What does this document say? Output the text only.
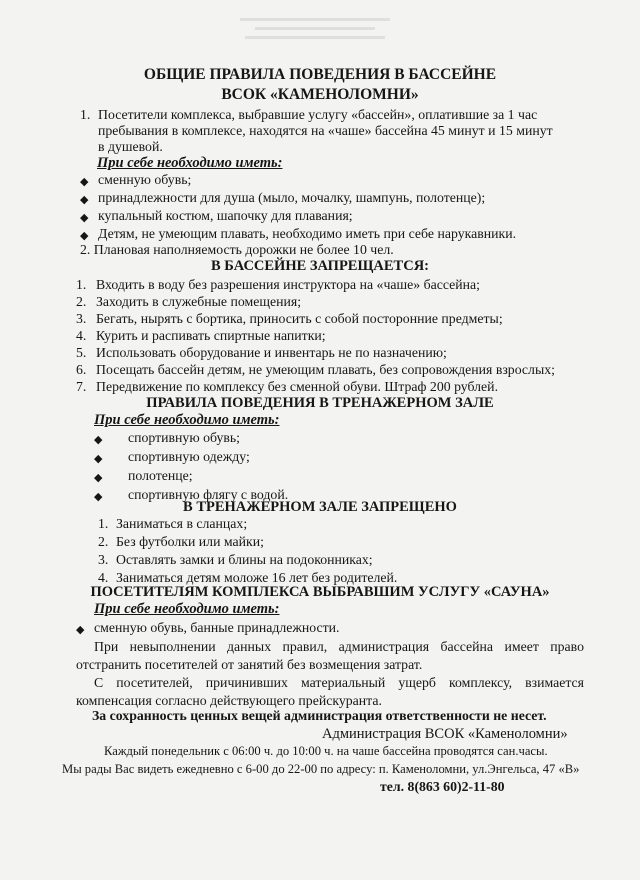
ОБЩИЕ ПРАВИЛА ПОВЕДЕНИЯ В БАССЕЙНЕ
ВСОК «КАМЕНОЛОМНИ»
1. Посетители комплекса, выбравшие услугу «бассейн», оплатившие за 1 час
пребывания в комплексе, находятся на «чаше» бассейна 45 минут и 15 минут
в душевой.
При себе необходимо иметь:
◆ сменную обувь;
◆ принадлежности для душа (мыло, мочалку, шампунь, полотенце);
◆ купальный костюм, шапочку для плавания;
◆ Детям, не умеющим плавать, необходимо иметь при себе нарукавники.
2. Плановая наполняемость дорожки не более 10 чел.
В БАССЕЙНЕ ЗАПРЕЩАЕТСЯ:
1. Входить в воду без разрешения инструктора на «чаше» бассейна;
2. Заходить в служебные помещения;
3. Бегать, нырять с бортика, приносить с собой посторонние предметы;
4. Курить и распивать спиртные напитки;
5. Использовать оборудование и инвентарь не по назначению;
6. Посещать бассейн детям, не умеющим плавать, без сопровождения взрослых;
7. Передвижение по комплексу без сменной обуви. Штраф 200 рублей.
ПРАВИЛА ПОВЕДЕНИЯ В ТРЕНАЖЕРНОМ ЗАЛЕ
При себе необходимо иметь:
◆ спортивную обувь;
◆ спортивную одежду;
◆ полотенце;
◆ спортивную флягу с водой.
В ТРЕНАЖЕРНОМ ЗАЛЕ ЗАПРЕЩЕНО
1. Заниматься в сланцах;
2. Без футболки или майки;
3. Оставлять замки и блины на подоконниках;
4. Заниматься детям моложе 16 лет без родителей.
ПОСЕТИТЕЛЯМ КОМПЛЕКСА ВЫБРАВШИМ УСЛУГУ «САУНА»
При себе необходимо иметь:
◆ сменную обувь, банные принадлежности.
При невыполнении данных правил, администрация бассейна имеет право отстранить посетителей от занятий без возмещения затрат.
С посетителей, причинивших материальный ущерб комплексу, взимается компенсация согласно действующего прейскуранта.
За сохранность ценных вещей администрация ответственности не несет.
Администрация ВСОК «Каменоломни»
Каждый понедельник с 06:00 ч. до 10:00 ч. на чаше бассейна проводятся сан.часы.
Мы рады Вас видеть ежедневно с 6-00 до 22-00 по адресу: п. Каменоломни, ул.Энгельса, 47 «В»
тел. 8(863 60)2-11-80
